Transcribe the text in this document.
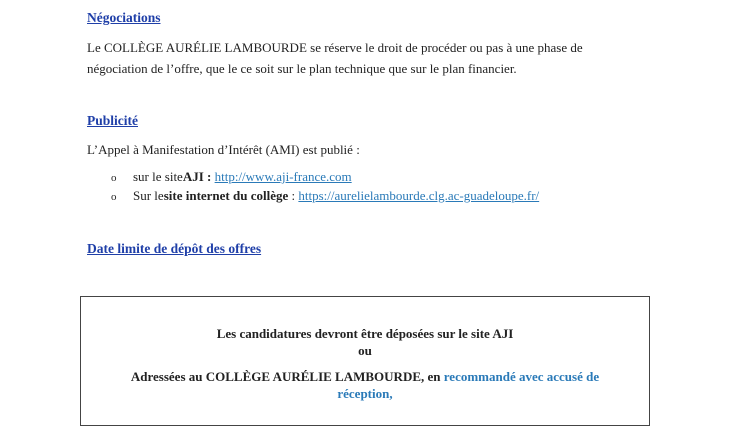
Négociations
Le COLLÈGE AURÉLIE LAMBOURDE se réserve le droit de procéder ou pas à une phase de
négociation de l’offre, que le ce soit sur le plan technique que sur le plan financier.
Publicité
L’Appel à Manifestation d’Intérêt (AMI) est publié :
o	sur le site AJI :
http://www.aji-france.com
o	Sur le site internet du collège : https://aurelielambourde.clg.ac-guadeloupe.fr/
Date limite de dépôt des offres
Les candidatures devront être déposées sur le site AJI
ou
Adressées au COLLÈGE AURÉLIE LAMBOURDE, en recommandé avec accusé de
réception,
